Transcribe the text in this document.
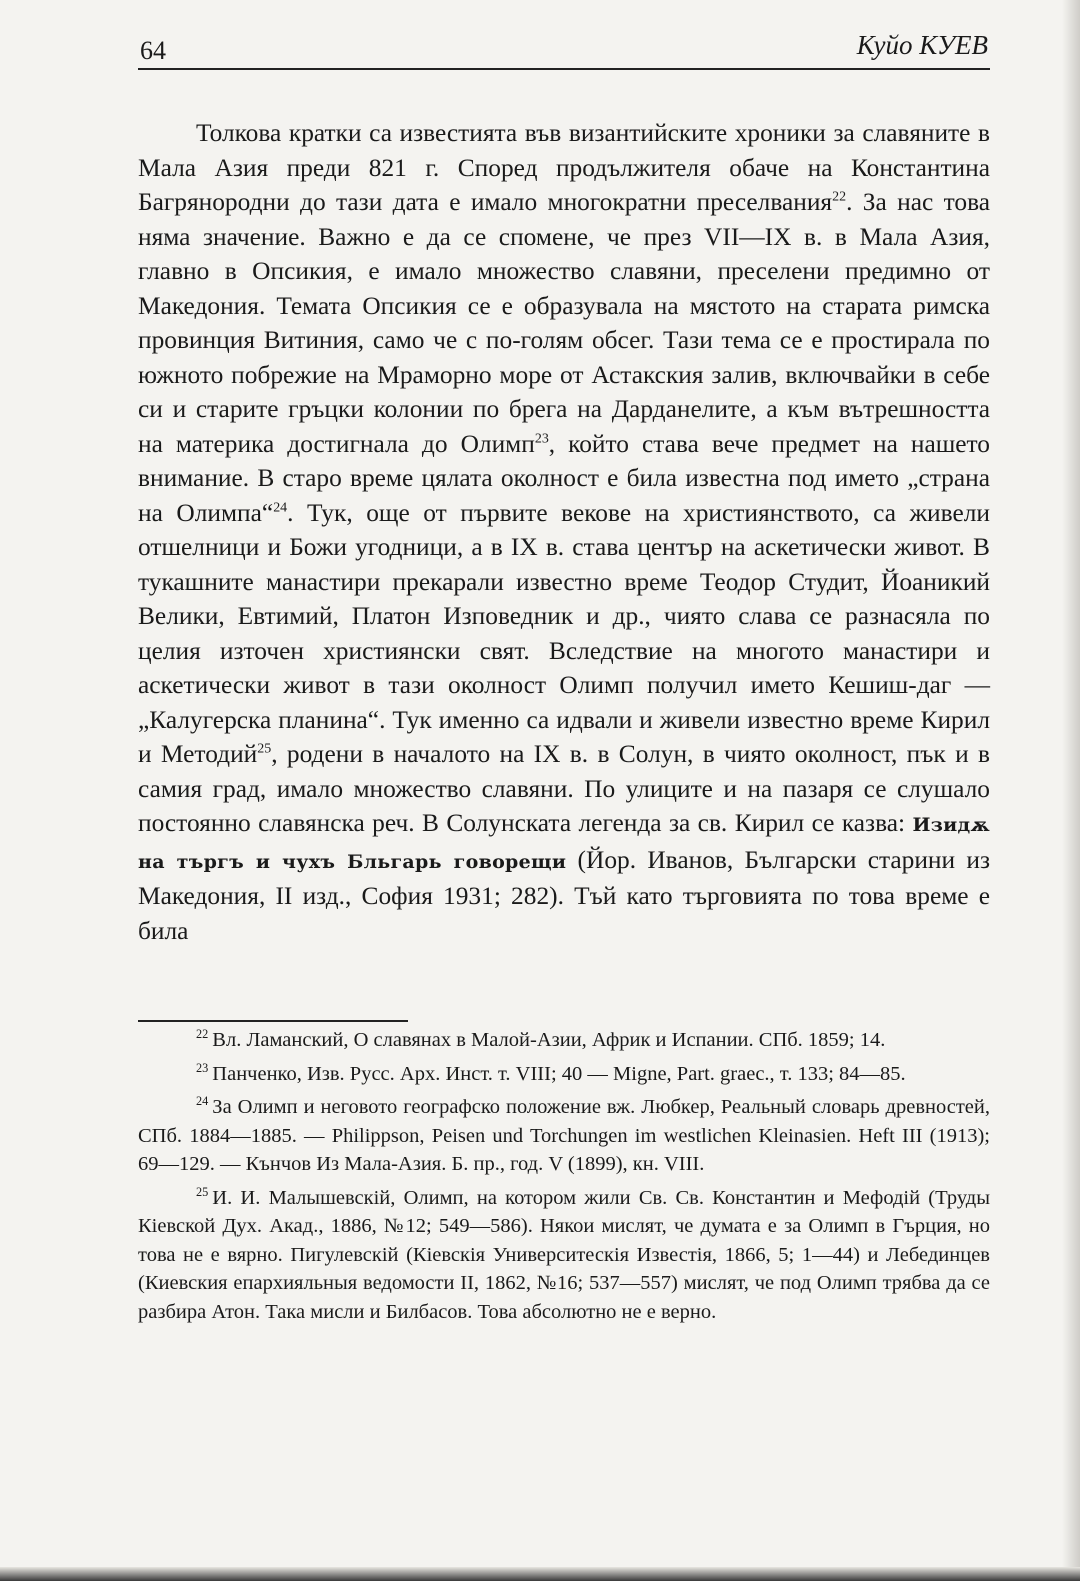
64	Куйо КУЕВ

Толкова кратки са известията във византийските хроники за славяните в Мала Азия преди 821 г. Според продължителя обаче на Константина Багрянородни до тази дата е имало многократни преселвания$^{22}$. За нас това няма значение. Важно е да се спомене, че през VII—IX в. в Мала Азия, главно в Опсикия, е имало множество славяни, преселени предимно от Македония. Темата Опсикия се е образувала на мястото на старата римска провинция Витиния, само че с по-голям обсег. Тази тема се е простирала по южното побрежие на Мраморно море от Астакския залив, включвайки в себе си и старите гръцки колонии по брега на Дарданелите, а към вътрешността на материка достигнала до Олимп$^{23}$, който става вече предмет на нашето внимание. В старо време цялата околност е била известна под името „страна на Олимпа“$^{24}$. Тук, още от първите векове на християнството, са живели отшелници и Божи угодници, а в IX в. става център на аскетически живот. В тукашните манастири прекарали известно време Теодор Студит, Йоаникий Велики, Евтимий, Платон Изповедник и др., чиято слава се разнасяла по целия източен християнски свят. Вследствие на многото манастири и аскетически живот в тази околност Олимп получил името Кешиш-даг — „Калугерска планина“. Тук именно са идвали и живели известно време Кирил и Методий$^{25}$, родени в началото на IX в. в Солун, в чиято околност, пък и в самия град, имало множество славяни. По улиците и на пазаря се слушало постоянно славянска реч. В Солунската легенда за св. Кирил се казва: Изидѫ на търгъ и чухъ Бльгарь говорещи (Йор. Иванов, Български старини из Македония, II изд., София 1931; 282). Тъй като търговията по това време е била

$^{22}$ Вл. Ламанский, О славянах в Малой-Азии, Африк и Испании. СПб. 1859; 14.

$^{23}$ Панченко, Изв. Русс. Арх. Инст. т. VIII; 40 — Migne, Part. graec., т. 133; 84—85.

$^{24}$ За Олимп и неговото географско положение вж. Любкер, Реальный словарь древностей, СПб. 1884—1885. — Philippson, Peisen und Torchungen im westlichen Kleinasien. Heft III (1913); 69—129. — Кънчов Из Мала-Азия. Б. пр., год. V (1899), кн. VIII.

$^{25}$ И. И. Малышевскій, Олимп, на котором жили Св. Св. Константин и Мефодій (Труды Кіевской Дух. Акад., 1886, №12; 549—586). Някои мислят, че думата е за Олимп в Гърция, но това не е вярно. Пигулевскій (Кіевскія Университескія Известія, 1866, 5; 1—44) и Лебединцев (Киевския епархияльныя ведомости II, 1862, №16; 537—557) мислят, че под Олимп трябва да се разбира Атон. Така мисли и Билбасов. Това абсолютно не е верно.
